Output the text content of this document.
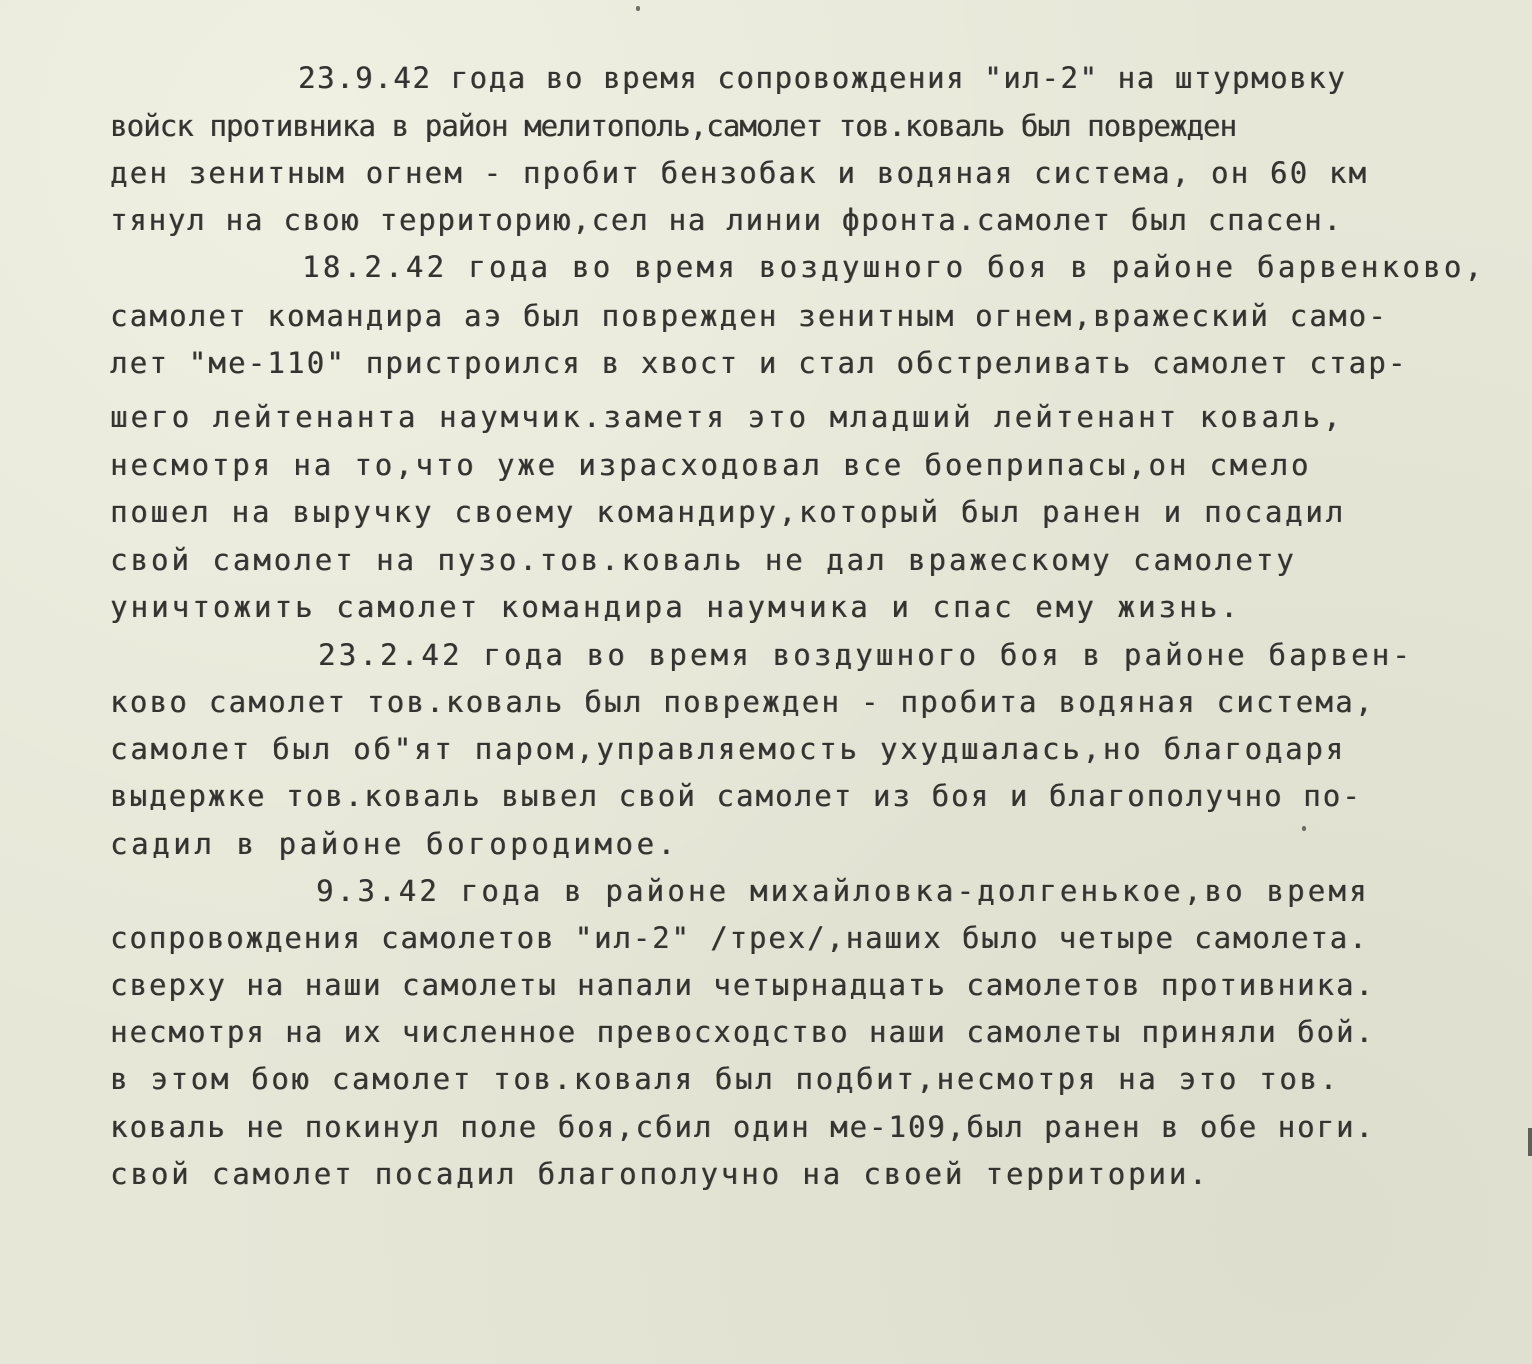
23.9.42 года во время сопровождения "ил-2" на штурмовку

войск противника в район мелитополь,самолет тов.коваль был поврежден

ден зенитным огнем - пробит бензобак и водяная система, он 60 км

тянул на свою территорию,сел на линии фронта.самолет был спасен.

18.2.42 года во время воздушного боя в районе барвенково,

самолет командира аэ был поврежден зенитным огнем,вражеский само-

лет "ме-110" пристроился в хвост и стал обстреливать самолет стар-

шего лейтенанта наумчик.заметя это младший лейтенант коваль,

несмотря на то,что уже израсходовал все боеприпасы,он смело

пошел на выручку своему командиру,который был ранен и посадил

свой самолет на пузо.тов.коваль не дал вражескому самолету

уничтожить самолет командира наумчика и спас ему жизнь.

23.2.42 года во время воздушного боя в районе барвен-

ково самолет тов.коваль был поврежден - пробита водяная система,

самолет был об"ят паром,управляемость ухудшалась,но благодаря

выдержке тов.коваль вывел свой самолет из боя и благополучно по-

садил в районе богородимое.

9.3.42 года в районе михайловка-долгенькое,во время

сопровождения самолетов "ил-2" /трех/,наших было четыре самолета.

сверху на наши самолеты напали четырнадцать самолетов противника.

несмотря на их численное превосходство наши самолеты приняли бой.

в этом бою самолет тов.коваля был подбит,несмотря на это тов.

коваль не покинул поле боя,сбил один ме-109,был ранен в обе ноги.

свой самолет посадил благополучно на своей территории.
